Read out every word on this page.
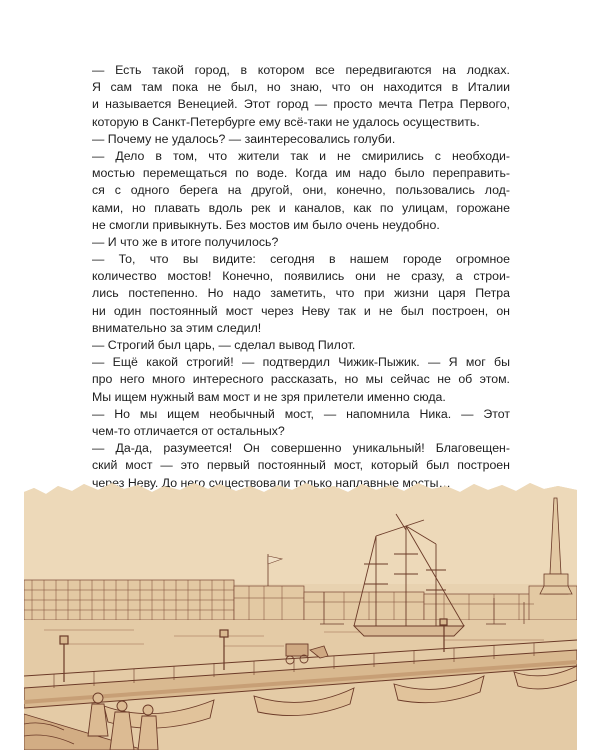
— Есть такой город, в котором все передвигаются на лодках.
Я сам там пока не был, но знаю, что он находится в Италии
и называется Венецией. Этот город — просто мечта Петра Первого,
которую в Санкт-Петербурге ему всё-таки не удалось осуществить.
— Почему не удалось? — заинтересовались голуби.
— Дело в том, что жители так и не смирились с необходи-
мостью перемещаться по воде. Когда им надо было переправить-
ся с одного берега на другой, они, конечно, пользовались лод-
ками, но плавать вдоль рек и каналов, как по улицам, горожане
не смогли привыкнуть. Без мостов им было очень неудобно.
— И что же в итоге получилось?
— То, что вы видите: сегодня в нашем городе огромное
количество мостов! Конечно, появились они не сразу, а строи-
лись постепенно. Но надо заметить, что при жизни царя Петра
ни один постоянный мост через Неву так и не был построен, он
внимательно за этим следил!
— Строгий был царь, — сделал вывод Пилот.
— Ещё какой строгий! — подтвердил Чижик-Пыжик. — Я мог бы
про него много интересного рассказать, но мы сейчас не об этом.
Мы ищем нужный вам мост и не зря прилетели именно сюда.
— Но мы ищем необычный мост, — напомнила Ника. — Этот
чем-то отличается от остальных?
— Да-да, разумеется! Он совершенно уникальный! Благовещен-
ский мост — это первый постоянный мост, который был построен
через Неву. До него существовали только наплавные мосты…
